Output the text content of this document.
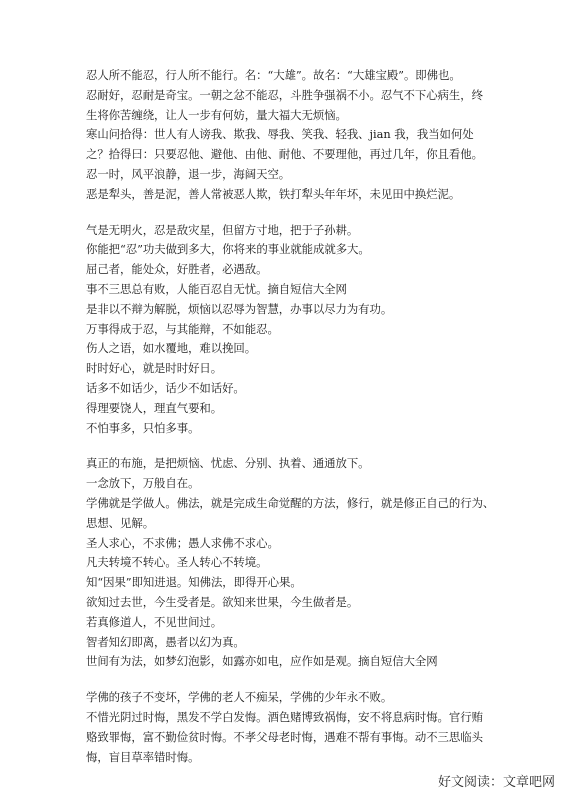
忍人所不能忍，行人所不能行。名：“大雄”。故名：“大雄宝殿”。即佛也。
忍耐好，忍耐是奇宝。一朝之忿不能忍，斗胜争强祸不小。忍气不下心病生，终
生将你苦缠绕，让人一步有何妨，量大福大无烦恼。
寒山问拾得：世人有人谤我、欺我、辱我、笑我、轻我、jian 我，我当如何处
之？拾得曰：只要忍他、避他、由他、耐他、不要理他，再过几年，你且看他。
忍一时，风平浪静，退一步，海阔天空。
恶是犁头，善是泥，善人常被恶人欺，铁打犁头年年坏，未见田中换烂泥。
气是无明火，忍是敌灾星，但留方寸地，把于子孙耕。
你能把“忍”功夫做到多大，你将来的事业就能成就多大。
屈己者，能处众，好胜者，必遇敌。
事不三思总有败，人能百忍自无忧。摘自短信大全网
是非以不辩为解脱，烦恼以忍辱为智慧，办事以尽力为有功。
万事得成于忍，与其能辩，不如能忍。
伤人之语，如水覆地，难以挽回。
时时好心，就是时时好日。
话多不如话少，话少不如话好。
得理要饶人，理直气要和。
不怕事多，只怕多事。
真正的布施，是把烦恼、忧虑、分别、执着、通通放下。
一念放下，万般自在。
学佛就是学做人。佛法，就是完成生命觉醒的方法，修行，就是修正自己的行为、
思想、见解。
圣人求心，不求佛；愚人求佛不求心。
凡夫转境不转心。圣人转心不转境。
知“因果”即知进退。知佛法，即得开心果。
欲知过去世，今生受者是。欲知来世果，今生做者是。
若真修道人，不见世间过。
智者知幻即离，愚者以幻为真。
世间有为法，如梦幻泡影，如露亦如电，应作如是观。摘自短信大全网
学佛的孩子不变坏，学佛的老人不痴呆，学佛的少年永不败。
不惜光阴过时悔，黑发不学白发悔。酒色赌博致祸悔，安不将息病时悔。官行贿
赂致罪悔，富不勤俭贫时悔。不孝父母老时悔，遇难不帮有事悔。动不三思临头
悔，盲目草率错时悔。
好文阅读：文章吧网
